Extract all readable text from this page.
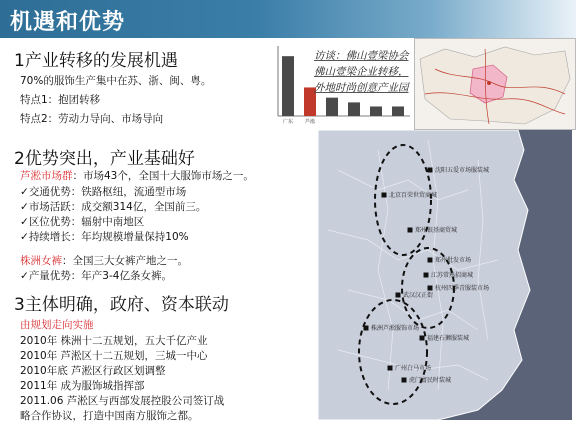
机遇和优势
1产业转移的发展机遇
70%的服饰生产集中在苏、浙、闽、粤。
特点1：抱团转移
特点2：劳动力导向、市场导向
2优势突出，产业基础好
芦淞市场群：市场43个，全国十大服饰市场之一。
✓交通优势：铁路枢纽，流通型市场
✓市场活跃：成交额314亿，全国前三。
✓区位优势：辐射中南地区
✓持续增长：年均规模增量保持10%
株洲女裤：全国三大女裤产地之一。
✓产量优势：年产3-4亿条女裤。
3主体明确，政府、资本联动
由规划走向实施
2010年 株洲十二五规划，五大千亿产业
2010年 芦淞区十二五规划，三城一中心
2010年底 芦淞区行政区划调整
2011年 成为服饰城指挥部
2011.06 芦淞区与西部发展控股公司签订战
略合作协议，打造中国南方服饰之都。
广东 芦淞
访谈：佛山壹梁协会
佛山壹梁企业转移，
外地时尚创意产业园
沈阳五爱市场服装城
北京百荣世贸商城
郑州银基商贸城
郑州批发市场
武汉汉正街
江苏常熟招商城
杭州四季青服装市场
株洲芦淞服饰市场
福建石狮服装城
广州白马市场
虎门富民时装城
